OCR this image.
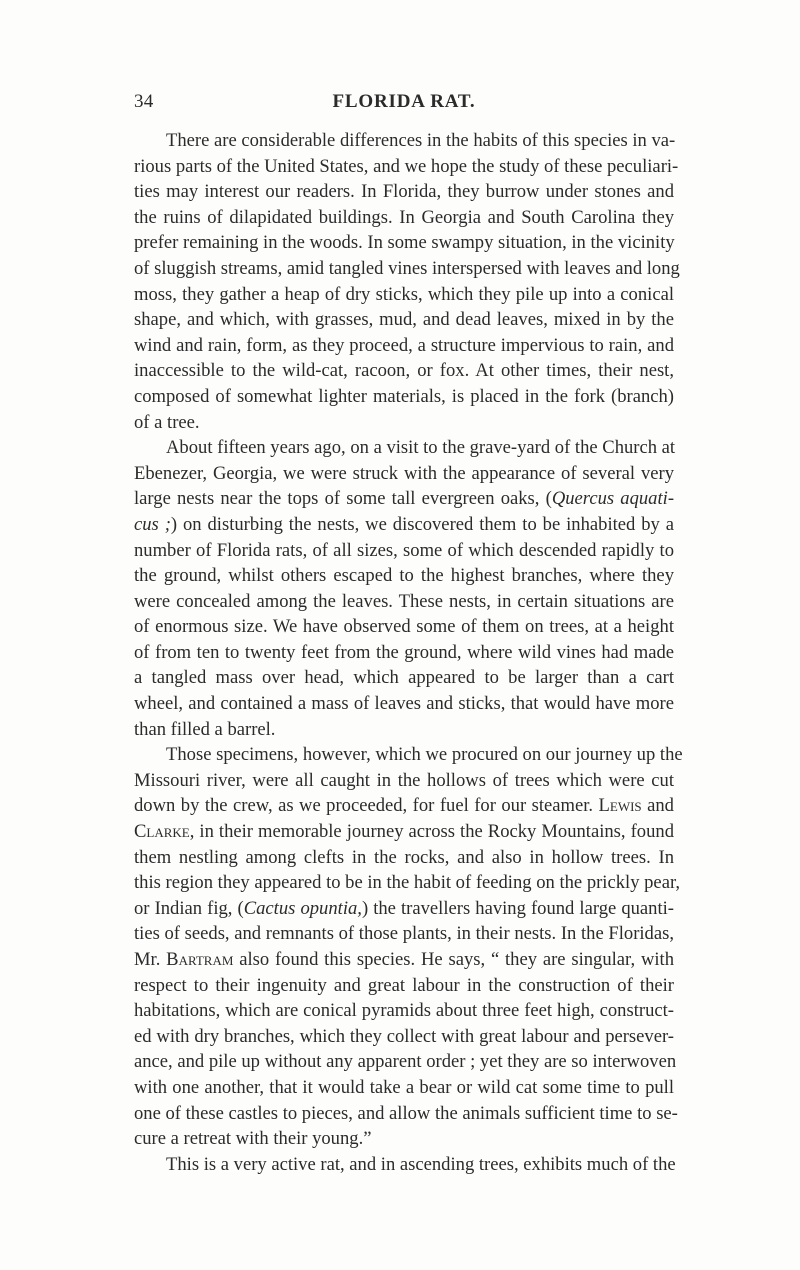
34	FLORIDA RAT.
There are considerable differences in the habits of this species in va-
rious parts of the United States, and we hope the study of these peculiari-
ties may interest our readers. In Florida, they burrow under stones and
the ruins of dilapidated buildings. In Georgia and South Carolina they
prefer remaining in the woods. In some swampy situation, in the vicinity
of sluggish streams, amid tangled vines interspersed with leaves and long
moss, they gather a heap of dry sticks, which they pile up into a conical
shape, and which, with grasses, mud, and dead leaves, mixed in by the
wind and rain, form, as they proceed, a structure impervious to rain, and
inaccessible to the wild-cat, racoon, or fox. At other times, their nest,
composed of somewhat lighter materials, is placed in the fork (branch)
of a tree.
About fifteen years ago, on a visit to the grave-yard of the Church at
Ebenezer, Georgia, we were struck with the appearance of several very
large nests near the tops of some tall evergreen oaks, (Quercus aquati-
cus ;) on disturbing the nests, we discovered them to be inhabited by a
number of Florida rats, of all sizes, some of which descended rapidly to
the ground, whilst others escaped to the highest branches, where they
were concealed among the leaves. These nests, in certain situations are
of enormous size. We have observed some of them on trees, at a height
of from ten to twenty feet from the ground, where wild vines had made
a tangled mass over head, which appeared to be larger than a cart
wheel, and contained a mass of leaves and sticks, that would have more
than filled a barrel.
Those specimens, however, which we procured on our journey up the
Missouri river, were all caught in the hollows of trees which were cut
down by the crew, as we proceeded, for fuel for our steamer. Lewis and
Clarke, in their memorable journey across the Rocky Mountains, found
them nestling among clefts in the rocks, and also in hollow trees. In
this region they appeared to be in the habit of feeding on the prickly pear,
or Indian fig, (Cactus opuntia,) the travellers having found large quanti-
ties of seeds, and remnants of those plants, in their nests. In the Floridas,
Mr. Bartram also found this species. He says, “ they are singular, with
respect to their ingenuity and great labour in the construction of their
habitations, which are conical pyramids about three feet high, construct-
ed with dry branches, which they collect with great labour and persever-
ance, and pile up without any apparent order ; yet they are so interwoven
with one another, that it would take a bear or wild cat some time to pull
one of these castles to pieces, and allow the animals sufficient time to se-
cure a retreat with their young.”
This is a very active rat, and in ascending trees, exhibits much of the
